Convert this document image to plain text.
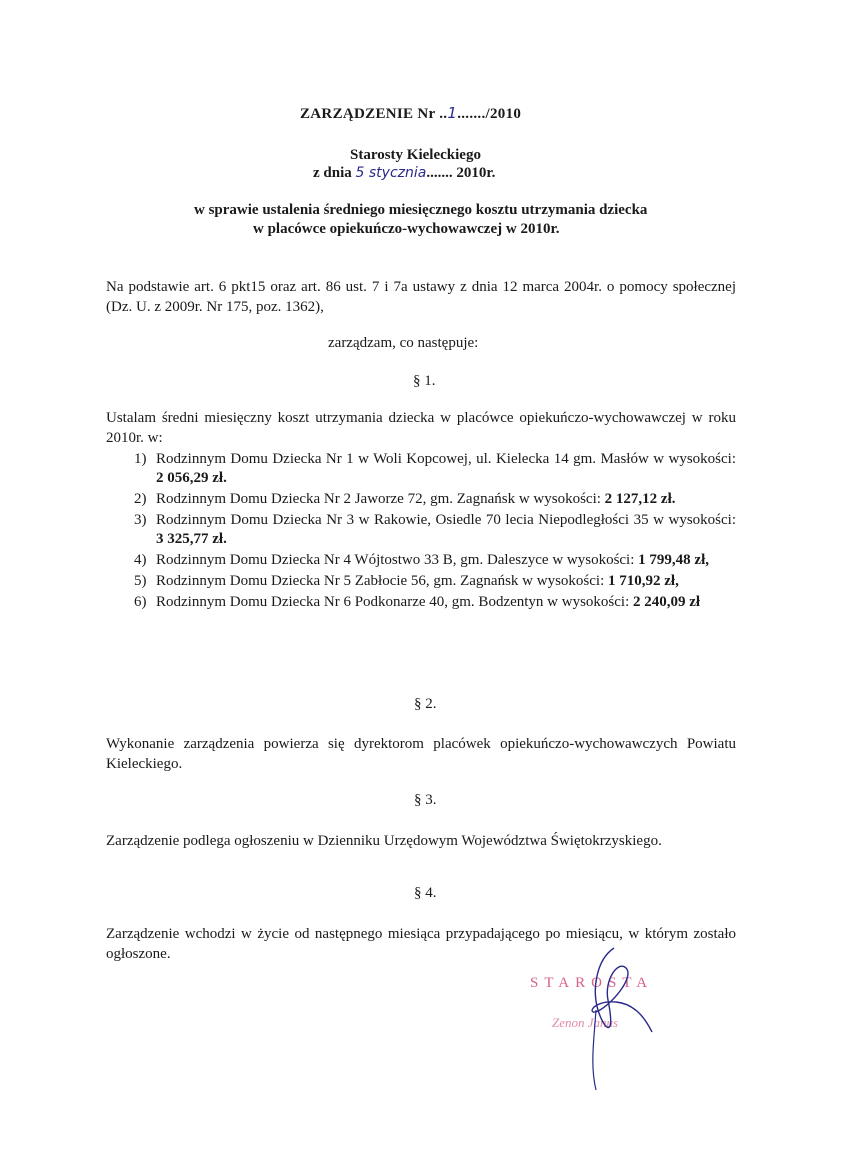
ZARZĄDZENIE Nr ..1......./2010
Starosty Kieleckiego
z dnia 5 stycznia....... 2010r.
w sprawie ustalenia średniego miesięcznego kosztu utrzymania dziecka
w placówce opiekuńczo-wychowawczej w 2010r.
Na podstawie art. 6 pkt15 oraz art. 86 ust. 7 i 7a ustawy z dnia 12 marca 2004r. o pomocy społecznej (Dz. U. z 2009r. Nr 175, poz. 1362),
zarządzam, co następuje:
§ 1.
Ustalam średni miesięczny koszt utrzymania dziecka w placówce opiekuńczo-wychowawczej w roku 2010r. w:
1) Rodzinnym Domu Dziecka Nr 1 w Woli Kopcowej, ul. Kielecka 14 gm. Masłów w wysokości: 2 056,29 zł.
2) Rodzinnym Domu Dziecka Nr 2 Jaworze 72, gm. Zagnańsk w wysokości: 2 127,12 zł.
3) Rodzinnym Domu Dziecka Nr 3 w Rakowie, Osiedle 70 lecia Niepodległości 35 w wysokości: 3 325,77 zł.
4) Rodzinnym Domu Dziecka Nr 4 Wójtostwo 33 B, gm. Daleszyce w wysokości: 1 799,48 zł,
5) Rodzinnym Domu Dziecka Nr 5 Zabłocie 56, gm. Zagnańsk w wysokości: 1 710,92 zł,
6) Rodzinnym Domu Dziecka Nr 6 Podkonarze 40, gm. Bodzentyn w wysokości: 2 240,09 zł
§ 2.
Wykonanie zarządzenia powierza się dyrektorom placówek opiekuńczo-wychowawczych Powiatu Kieleckiego.
§ 3.
Zarządzenie podlega ogłoszeniu w Dzienniku Urzędowym Województwa Świętokrzyskiego.
§ 4.
Zarządzenie wchodzi w życie od następnego miesiąca przypadającego po miesiącu, w którym zostało ogłoszone.
STAROSTA
Zenon Janus
